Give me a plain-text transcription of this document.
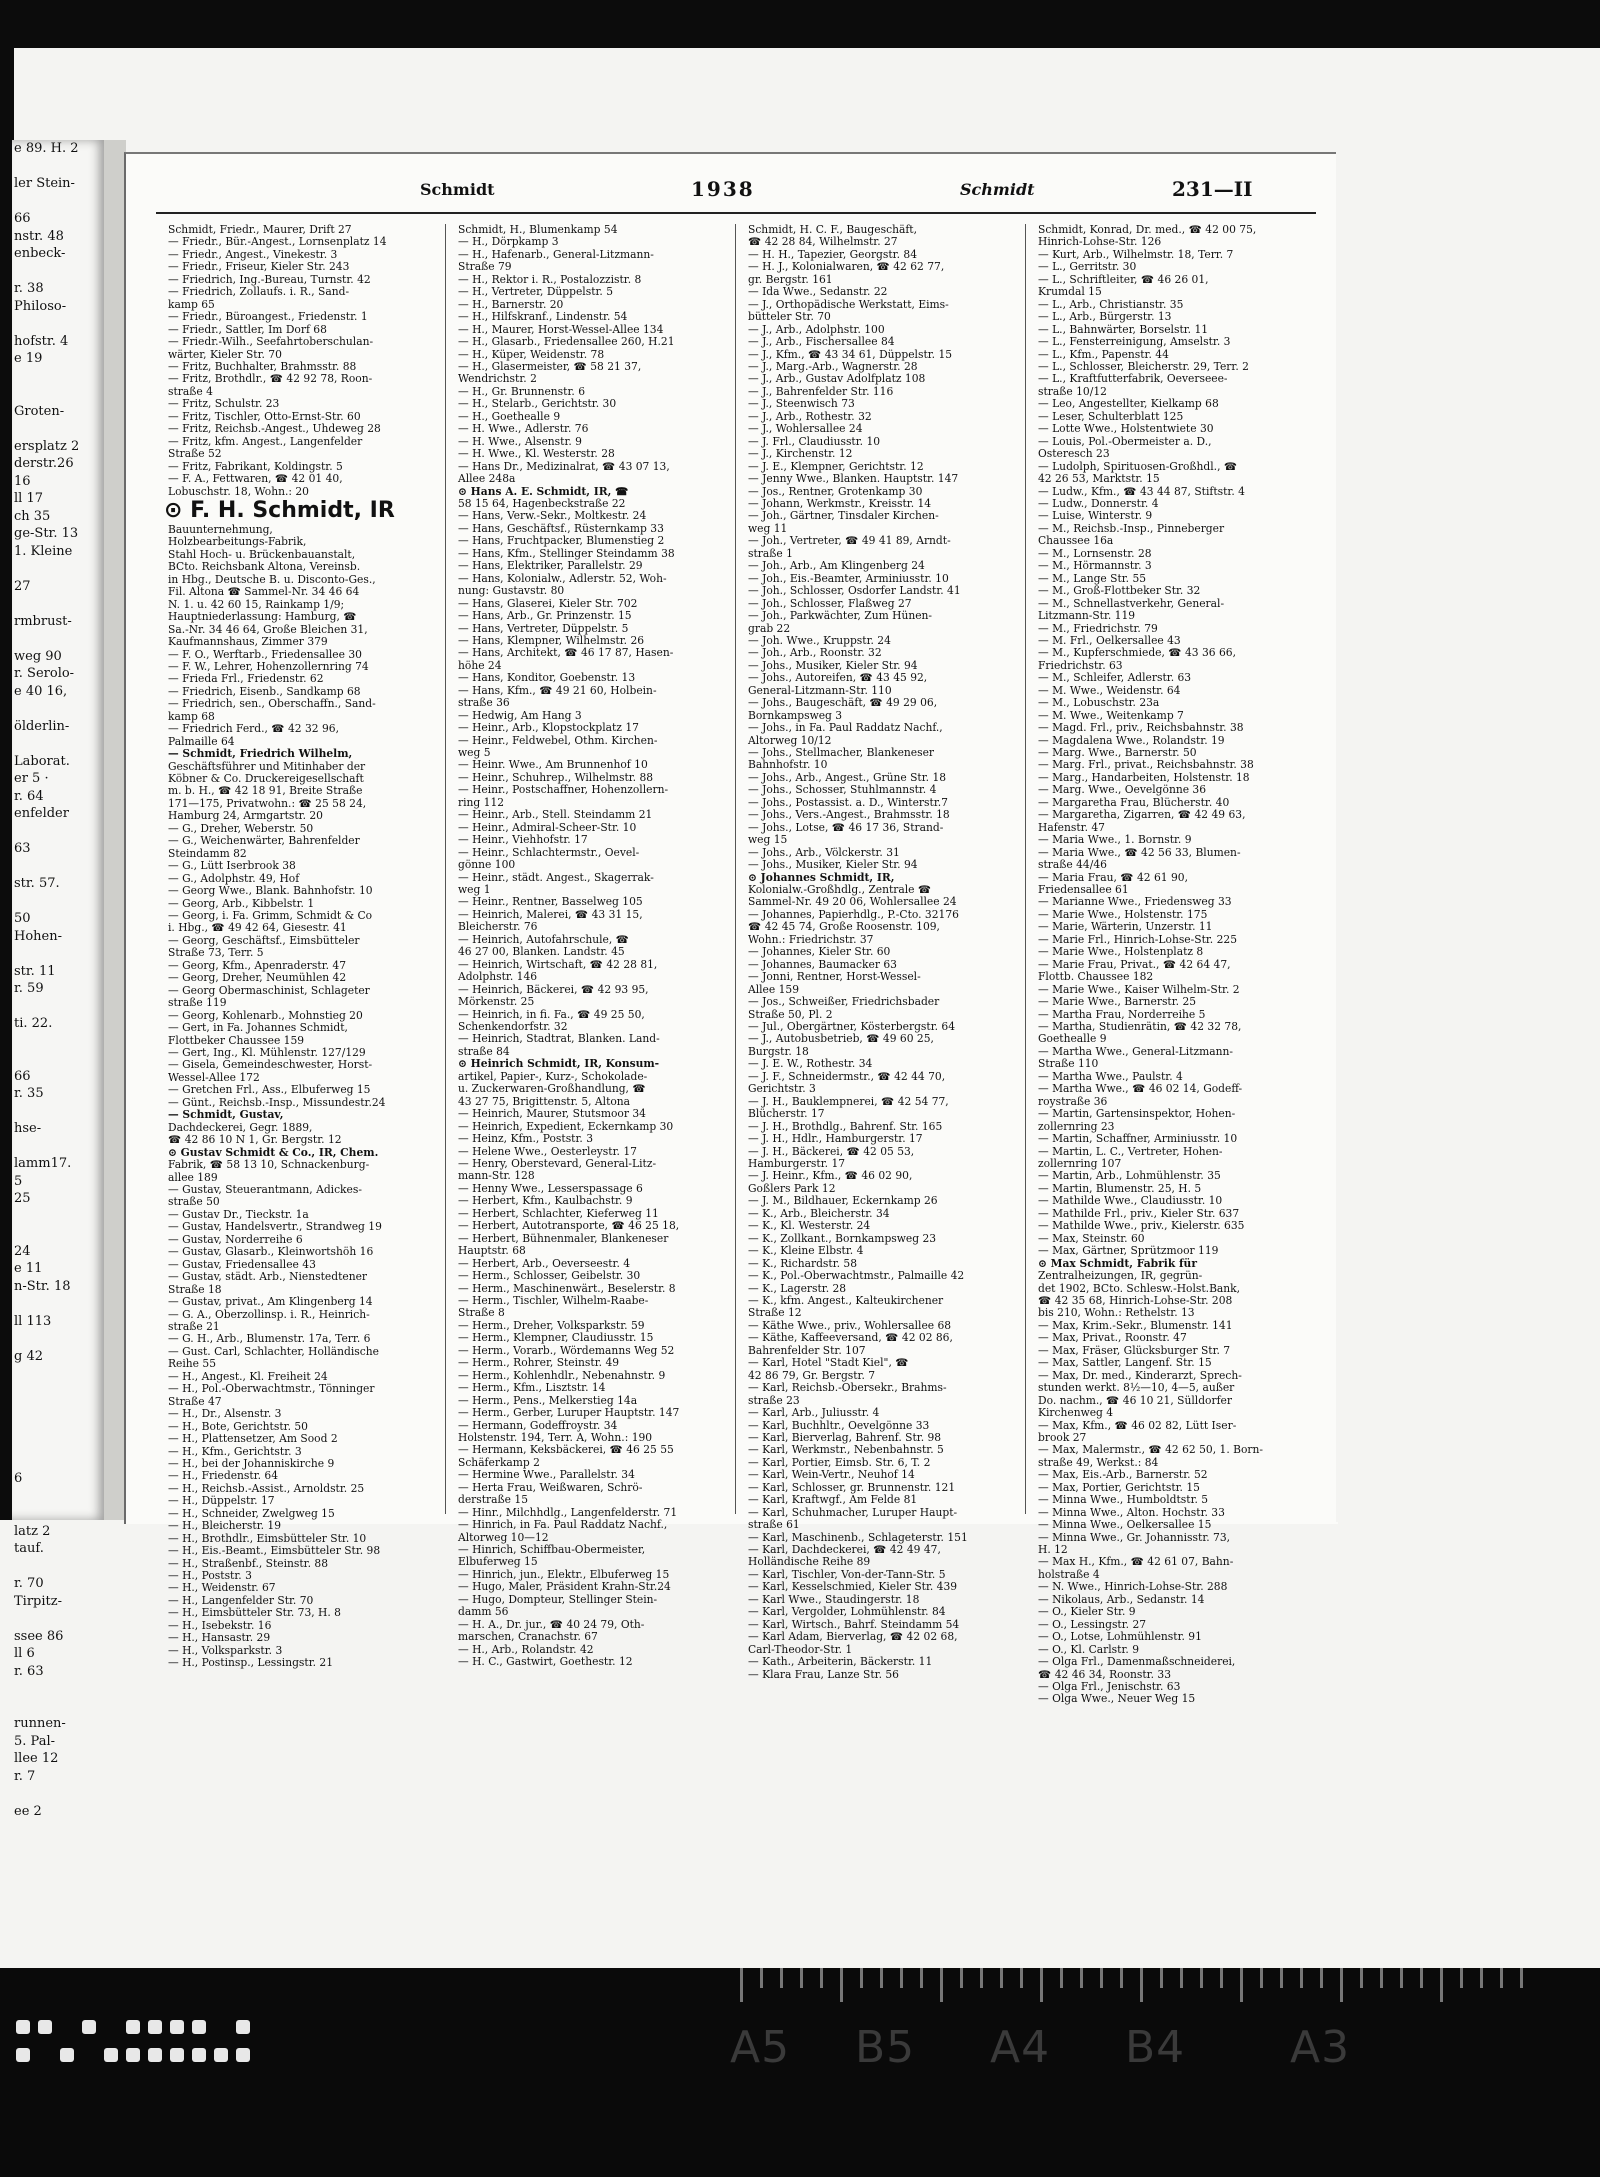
e 89. H. 2

ler Stein-

66
nstr. 48
enbeck-

r. 38
Philoso-

hofstr. 4
e 19

Groten-

ersplatz 2
derstr.26
16
ll 17
ch 35
ge-Str. 13
1. Kleine

27

rmbrust-

weg 90
r. Serolo-
e 40 16,

ölderlin-

Laborat.
er 5 ·
r. 64
enfelder

63

str. 57.

50
Hohen-

str. 11
r. 59

ti. 22.

66
r. 35

hse-

lamm17.
5
25

24
e 11
n-Str. 18

ll 113

g 42

6

latz 2
tauf.

r. 70
Tirpitz-

ssee 86
ll 6
r. 63

runnen-
5. Pal-
llee 12
r. 7

ee 2

Schmidt	1938	Schmidt	231—II
Schmidt, Friedr., Maurer, Drift 27
— Friedr., Bür.-Angest., Lornsenplatz 14
— Friedr., Angest., Vinekestr. 3
— Friedr., Friseur, Kieler Str. 243
— Friedrich, Ing.-Bureau, Turnstr. 42
— Friedrich, Zollaufs. i. R., Sand-
kamp 65
— Friedr., Büroangest., Friedenstr. 1
— Friedr., Sattler, Im Dorf 68
— Friedr.-Wilh., Seefahrtoberschulan-
wärter, Kieler Str. 70
— Fritz, Buchhalter, Brahmsstr. 88
— Fritz, Brothdlr., ☎ 42 92 78, Roon-
straße 4
— Fritz, Schulstr. 23
— Fritz, Tischler, Otto-Ernst-Str. 60
— Fritz, Reichsb.-Angest., Uhdeweg 28
— Fritz, kfm. Angest., Langenfelder
Straße 52
— Fritz, Fabrikant, Koldingstr. 5
— F. A., Fettwaren, ☎ 42 01 40,
Lobuschstr. 18, Wohn.: 20
⊙ F. H. Schmidt, IR
Bauunternehmung,
Holzbearbeitungs-Fabrik,
Stahl Hoch- u. Brückenbauanstalt,
BCto. Reichsbank Altona, Vereinsb.
in Hbg., Deutsche B. u. Disconto-Ges.,
Fil. Altona ☎ Sammel-Nr. 34 46 64
N. 1. u. 42 60 15, Rainkamp 1/9;
Hauptniederlassung: Hamburg, ☎
Sa.-Nr. 34 46 64, Große Bleichen 31,
Kaufmannshaus, Zimmer 379
— F. O., Werftarb., Friedensallee 30
— F. W., Lehrer, Hohenzollernring 74
— Frieda Frl., Friedenstr. 62
— Friedrich, Eisenb., Sandkamp 68
— Friedrich, sen., Oberschaffn., Sand-
kamp 68
— Friedrich Ferd., ☎ 42 32 96,
Palmaille 64
— Schmidt, Friedrich Wilhelm,
Geschäftsführer und Mitinhaber der
Köbner & Co. Druckereigesellschaft
m. b. H., ☎ 42 18 91, Breite Straße
171—175, Privatwohn.: ☎ 25 58 24,
Hamburg 24, Armgartstr. 20
— G., Dreher, Weberstr. 50
— G., Weichenwärter, Bahrenfelder
Steindamm 82
— G., Lütt Iserbrook 38
— G., Adolphstr. 49, Hof
— Georg Wwe., Blank. Bahnhofstr. 10
— Georg, Arb., Kibbelstr. 1
— Georg, i. Fa. Grimm, Schmidt & Co
i. Hbg., ☎ 49 42 64, Giesestr. 41
— Georg, Geschäftsf., Eimsbütteler
Straße 73, Terr. 5
— Georg, Kfm., Apenraderstr. 47
— Georg, Dreher, Neumühlen 42
— Georg Obermaschinist, Schlageter
straße 119
— Georg, Kohlenarb., Mohnstieg 20
— Gert, in Fa. Johannes Schmidt,
Flottbeker Chaussee 159
— Gert, Ing., Kl. Mühlenstr. 127/129
— Gisela, Gemeindeschwester, Horst-
Wessel-Allee 172
— Gretchen Frl., Ass., Elbuferweg 15
— Günt., Reichsb.-Insp., Missundestr.24
— Schmidt, Gustav,
Dachdeckerei, Gegr. 1889,
☎ 42 86 10 N 1, Gr. Bergstr. 12
⊙ Gustav Schmidt & Co., IR, Chem.
Fabrik, ☎ 58 13 10, Schnackenburg-
allee 189
— Gustav, Steuerantmann, Adickes-
straße 50
— Gustav Dr., Tieckstr. 1a
— Gustav, Handelsvertr., Strandweg 19
— Gustav, Norderreihe 6
— Gustav, Glasarb., Kleinwortshöh 16
— Gustav, Friedensallee 43
— Gustav, städt. Arb., Nienstedtener
Straße 18
— Gustav, privat., Am Klingenberg 14
— G. A., Oberzollinsp. i. R., Heinrich-
straße 21
— G. H., Arb., Blumenstr. 17a, Terr. 6
— Gust. Carl, Schlachter, Holländische
Reihe 55
— H., Angest., Kl. Freiheit 24
— H., Pol.-Oberwachtmstr., Tönninger
Straße 47
— H., Dr., Alsenstr. 3
— H., Bote, Gerichtstr. 50
— H., Plattensetzer, Am Sood 2
— H., Kfm., Gerichtstr. 3
— H., bei der Johanniskirche 9
— H., Friedenstr. 64
— H., Reichsb.-Assist., Arnoldstr. 25
— H., Düppelstr. 17
— H., Schneider, Zwelgweg 15
— H., Bleicherstr. 19
— H., Brothdlr., Eimsbütteler Str. 10
— H., Eis.-Beamt., Eimsbütteler Str. 98
— H., Straßenbf., Steinstr. 88
— H., Poststr. 3
— H., Weidenstr. 67
— H., Langenfelder Str. 70
— H., Eimsbütteler Str. 73, H. 8
— H., Isebekstr. 16
— H., Hansastr. 29
— H., Volksparkstr. 3
— H., Postinsp., Lessingstr. 21
Schmidt, H., Blumenkamp 54
— H., Dörpkamp 3
— H., Hafenarb., General-Litzmann-
Straße 79
— H., Rektor i. R., Postalozzistr. 8
— H., Vertreter, Düppelstr. 5
— H., Barnerstr. 20
— H., Hilfskranf., Lindenstr. 54
— H., Maurer, Horst-Wessel-Allee 134
— H., Glasarb., Friedensallee 260, H.21
— H., Küper, Weidenstr. 78
— H., Glasermeister, ☎ 58 21 37,
Wendrichstr. 2
— H., Gr. Brunnenstr. 6
— H., Stelarb., Gerichtstr. 30
— H., Goethealle 9
— H. Wwe., Adlerstr. 76
— H. Wwe., Alsenstr. 9
— H. Wwe., Kl. Westerstr. 28
— Hans Dr., Medizinalrat, ☎ 43 07 13,
Allee 248a
⊙ Hans A. E. Schmidt, IR, ☎
58 15 64, Hagenbeckstraße 22
— Hans, Verw.-Sekr., Moltkestr. 24
— Hans, Geschäftsf., Rüsternkamp 33
— Hans, Fruchtpacker, Blumenstieg 2
— Hans, Kfm., Stellinger Steindamm 38
— Hans, Elektriker, Parallelstr. 29
— Hans, Kolonialw., Adlerstr. 52, Woh-
nung: Gustavstr. 80
— Hans, Glaserei, Kieler Str. 702
— Hans, Arb., Gr. Prinzenstr. 15
— Hans, Vertreter, Düppelstr. 5
— Hans, Klempner, Wilhelmstr. 26
— Hans, Architekt, ☎ 46 17 87, Hasen-
höhe 24
— Hans, Konditor, Goebenstr. 13
— Hans, Kfm., ☎ 49 21 60, Holbein-
straße 36
— Hedwig, Am Hang 3
— Heinr., Arb., Klopstockplatz 17
— Heinr., Feldwebel, Othm. Kirchen-
weg 5
— Heinr. Wwe., Am Brunnenhof 10
— Heinr., Schuhrep., Wilhelmstr. 88
— Heinr., Postschaffner, Hohenzollern-
ring 112
— Heinr., Arb., Stell. Steindamm 21
— Heinr., Admiral-Scheer-Str. 10
— Heinr., Viehhofstr. 17
— Heinr., Schlachtermstr., Oevel-
gönne 100
— Heinr., städt. Angest., Skagerrak-
weg 1
— Heinr., Rentner, Basselweg 105
— Heinrich, Malerei, ☎ 43 31 15,
Bleicherstr. 76
— Heinrich, Autofahrschule, ☎
46 27 00, Blanken. Landstr. 45
— Heinrich, Wirtschaft, ☎ 42 28 81,
Adolphstr. 146
— Heinrich, Bäckerei, ☎ 42 93 95,
Mörkenstr. 25
— Heinrich, in fi. Fa., ☎ 49 25 50,
Schenkendorfstr. 32
— Heinrich, Stadtrat, Blanken. Land-
straße 84
⊙ Heinrich Schmidt, IR, Konsum-
artikel, Papier-, Kurz-, Schokolade-
u. Zuckerwaren-Großhandlung, ☎
43 27 75, Brigittenstr. 5, Altona
— Heinrich, Maurer, Stutsmoor 34
— Heinrich, Expedient, Eckernkamp 30
— Heinz, Kfm., Poststr. 3
— Helene Wwe., Oesterleystr. 17
— Henry, Oberstevard, General-Litz-
mann-Str. 128
— Henny Wwe., Lesserspassage 6
— Herbert, Kfm., Kaulbachstr. 9
— Herbert, Schlachter, Kieferweg 11
— Herbert, Autotransporte, ☎ 46 25 18,
— Herbert, Bühnenmaler, Blankeneser
Hauptstr. 68
— Herbert, Arb., Oeverseestr. 4
— Herm., Schlosser, Geibelstr. 30
— Herm., Maschinenwärt., Beselerstr. 8
— Herm., Tischler, Wilhelm-Raabe-
Straße 8
— Herm., Dreher, Volksparkstr. 59
— Herm., Klempner, Claudiusstr. 15
— Herm., Vorarb., Wördemanns Weg 52
— Herm., Rohrer, Steinstr. 49
— Herm., Kohlenhdlr., Nebenahnstr. 9
— Herm., Kfm., Lisztstr. 14
— Herm., Pens., Melkerstieg 14a
— Herm., Gerber, Luruper Hauptstr. 147
— Hermann, Godeffroystr. 34
Holstenstr. 194, Terr. A, Wohn.: 190
— Hermann, Keksbäckerei, ☎ 46 25 55
Schäferkamp 2
— Hermine Wwe., Parallelstr. 34
— Herta Frau, Weißwaren, Schrö-
derstraße 15
— Hinr., Milchhdlg., Langenfelderstr. 71
— Hinrich, in Fa. Paul Raddatz Nachf.,
Altorweg 10—12
— Hinrich, Schiffbau-Obermeister,
Elbuferweg 15
— Hinrich, jun., Elektr., Elbuferweg 15
— Hugo, Maler, Präsident Krahn-Str.24
— Hugo, Dompteur, Stellinger Stein-
damm 56
— H. A., Dr. jur., ☎ 40 24 79, Oth-
marschen, Cranachstr. 67
— H., Arb., Rolandstr. 42
— H. C., Gastwirt, Goethestr. 12
Schmidt, H. C. F., Baugeschäft,
☎ 42 28 84, Wilhelmstr. 27
— H. H., Tapezier, Georgstr. 84
— H. J., Kolonialwaren, ☎ 42 62 77,
gr. Bergstr. 161
— Ida Wwe., Sedanstr. 22
— J., Orthopädische Werkstatt, Eims-
bütteler Str. 70
— J., Arb., Adolphstr. 100
— J., Arb., Fischersallee 84
— J., Kfm., ☎ 43 34 61, Düppelstr. 15
— J., Marg.-Arb., Wagnerstr. 28
— J., Arb., Gustav Adolfplatz 108
— J., Bahrenfelder Str. 116
— J., Steenwisch 73
— J., Arb., Rothestr. 32
— J., Wohlersallee 24
— J. Frl., Claudiusstr. 10
— J., Kirchenstr. 12
— J. E., Klempner, Gerichtstr. 12
— Jenny Wwe., Blanken. Hauptstr. 147
— Jos., Rentner, Grotenkamp 30
— Johann, Werkmstr., Kreisstr. 14
— Joh., Gärtner, Tinsdaler Kirchen-
weg 11
— Joh., Vertreter, ☎ 49 41 89, Arndt-
straße 1
— Joh., Arb., Am Klingenberg 24
— Joh., Eis.-Beamter, Arminiusstr. 10
— Joh., Schlosser, Osdorfer Landstr. 41
— Joh., Schlosser, Flaßweg 27
— Joh., Parkwächter, Zum Hünen-
grab 22
— Joh. Wwe., Kruppstr. 24
— Joh., Arb., Roonstr. 32
— Johs., Musiker, Kieler Str. 94
— Johs., Autoreifen, ☎ 43 45 92,
General-Litzmann-Str. 110
— Johs., Baugeschäft, ☎ 49 29 06,
Bornkampsweg 3
— Johs., in Fa. Paul Raddatz Nachf.,
Altorweg 10/12
— Johs., Stellmacher, Blankeneser
Bahnhofstr. 10
— Johs., Arb., Angest., Grüne Str. 18
— Johs., Schosser, Stuhlmannstr. 4
— Johs., Postassist. a. D., Winterstr.7
— Johs., Vers.-Angest., Brahmsstr. 18
— Johs., Lotse, ☎ 46 17 36, Strand-
weg 15
— Johs., Arb., Völckerstr. 31
— Johs., Musiker, Kieler Str. 94
⊙ Johannes Schmidt, IR,
Kolonialw.-Großhdlg., Zentrale ☎
Sammel-Nr. 49 20 06, Wohlersallee 24
— Johannes, Papierhdlg., P.-Cto. 32176
☎ 42 45 74, Große Roosenstr. 109,
Wohn.: Friedrichstr. 37
— Johannes, Kieler Str. 60
— Johannes, Baumacker 63
— Jonni, Rentner, Horst-Wessel-
Allee 159
— Jos., Schweißer, Friedrichsbader
Straße 50, Pl. 2
— Jul., Obergärtner, Kösterbergstr. 64
— J., Autobusbetrieb, ☎ 49 60 25,
Burgstr. 18
— J. E. W., Rothestr. 34
— J. F., Schneidermstr., ☎ 42 44 70,
Gerichtstr. 3
— J. H., Bauklempnerei, ☎ 42 54 77,
Blücherstr. 17
— J. H., Brothdlg., Bahrenf. Str. 165
— J. H., Hdlr., Hamburgerstr. 17
— J. H., Bäckerei, ☎ 42 05 53,
Hamburgerstr. 17
— J. Heinr., Kfm., ☎ 46 02 90,
Goßlers Park 12
— J. M., Bildhauer, Eckernkamp 26
— K., Arb., Bleicherstr. 34
— K., Kl. Westerstr. 24
— K., Zollkant., Bornkampsweg 23
— K., Kleine Elbstr. 4
— K., Richardstr. 58
— K., Pol.-Oberwachtmstr., Palmaille 42
— K., Lagerstr. 28
— K., kfm. Angest., Kalteukirchener
Straße 12
— Käthe Wwe., priv., Wohlersallee 68
— Käthe, Kaffeeversand, ☎ 42 02 86,
Bahrenfelder Str. 107
— Karl, Hotel "Stadt Kiel", ☎
42 86 79, Gr. Bergstr. 7
— Karl, Reichsb.-Obersekr., Brahms-
straße 23
— Karl, Arb., Juliusstr. 4
— Karl, Buchhltr., Oevelgönne 33
— Karl, Bierverlag, Bahrenf. Str. 98
— Karl, Werkmstr., Nebenbahnstr. 5
— Karl, Portier, Eimsb. Str. 6, T. 2
— Karl, Wein-Vertr., Neuhof 14
— Karl, Schlosser, gr. Brunnenstr. 121
— Karl, Kraftwgf., Am Felde 81
— Karl, Schuhmacher, Luruper Haupt-
straße 61
— Karl, Maschinenb., Schlageterstr. 151
— Karl, Dachdeckerei, ☎ 42 49 47,
Holländische Reihe 89
— Karl, Tischler, Von-der-Tann-Str. 5
— Karl, Kesselschmied, Kieler Str. 439
— Karl Wwe., Staudingerstr. 18
— Karl, Vergolder, Lohmühlenstr. 84
— Karl, Wirtsch., Bahrf. Steindamm 54
— Karl Adam, Bierverlag, ☎ 42 02 68,
Carl-Theodor-Str. 1
— Kath., Arbeiterin, Bäckerstr. 11
— Klara Frau, Lanze Str. 56
Schmidt, Konrad, Dr. med., ☎ 42 00 75,
Hinrich-Lohse-Str. 126
— Kurt, Arb., Wilhelmstr. 18, Terr. 7
— L., Gerritstr. 30
— L., Schriftleiter, ☎ 46 26 01,
Krumdal 15
— L., Arb., Christianstr. 35
— L., Arb., Bürgerstr. 13
— L., Bahnwärter, Borselstr. 11
— L., Fensterreinigung, Amselstr. 3
— L., Kfm., Papenstr. 44
— L., Schlosser, Bleicherstr. 29, Terr. 2
— L., Kraftfutterfabrik, Oeverseee-
straße 10/12
— Leo, Angestellter, Kielkamp 68
— Leser, Schulterblatt 125
— Lotte Wwe., Holstentwiete 30
— Louis, Pol.-Obermeister a. D.,
Osteresch 23
— Ludolph, Spirituosen-Großhdl., ☎
42 26 53, Marktstr. 15
— Ludw., Kfm., ☎ 43 44 87, Stiftstr. 4
— Ludw., Donnerstr. 4
— Luise, Winterstr. 9
— M., Reichsb.-Insp., Pinneberger
Chaussee 16a
— M., Lornsenstr. 28
— M., Hörmannstr. 3
— M., Lange Str. 55
— M., Groß-Flottbeker Str. 32
— M., Schnellastverkehr, General-
Litzmann-Str. 119
— M., Friedrichstr. 79
— M. Frl., Oelkersallee 43
— M., Kupferschmiede, ☎ 43 36 66,
Friedrichstr. 63
— M., Schleifer, Adlerstr. 63
— M. Wwe., Weidenstr. 64
— M., Lobuschstr. 23a
— M. Wwe., Weitenkamp 7
— Magd. Frl., priv., Reichsbahnstr. 38
— Magdalena Wwe., Rolandstr. 19
— Marg. Wwe., Barnerstr. 50
— Marg. Frl., privat., Reichsbahnstr. 38
— Marg., Handarbeiten, Holstenstr. 18
— Marg. Wwe., Oevelgönne 36
— Margaretha Frau, Blücherstr. 40
— Margaretha, Zigarren, ☎ 42 49 63,
Hafenstr. 47
— Maria Wwe., 1. Bornstr. 9
— Maria Wwe., ☎ 42 56 33, Blumen-
straße 44/46
— Maria Frau, ☎ 42 61 90,
Friedensallee 61
— Marianne Wwe., Friedensweg 33
— Marie Wwe., Holstenstr. 175
— Marie, Wärterin, Unzerstr. 11
— Marie Frl., Hinrich-Lohse-Str. 225
— Marie Wwe., Holstenplatz 8
— Marie Frau, Privat., ☎ 42 64 47,
Flottb. Chaussee 182
— Marie Wwe., Kaiser Wilhelm-Str. 2
— Marie Wwe., Barnerstr. 25
— Martha Frau, Norderreihe 5
— Martha, Studienrätin, ☎ 42 32 78,
Goethealle 9
— Martha Wwe., General-Litzmann-
Straße 110
— Martha Wwe., Paulstr. 4
— Martha Wwe., ☎ 46 02 14, Godeff-
roystraße 36
— Martin, Gartensinspektor, Hohen-
zollernring 23
— Martin, Schaffner, Arminiusstr. 10
— Martin, L. C., Vertreter, Hohen-
zollernring 107
— Martin, Arb., Lohmühlenstr. 35
— Martin, Blumenstr. 25, H. 5
— Mathilde Wwe., Claudiusstr. 10
— Mathilde Frl., priv., Kieler Str. 637
— Mathilde Wwe., priv., Kielerstr. 635
— Max, Steinstr. 60
— Max, Gärtner, Sprützmoor 119
⊙ Max Schmidt, Fabrik für
Zentralheizungen, IR, gegrün-
det 1902, BCto. Schlesw.-Holst.Bank,
☎ 42 35 68, Hinrich-Lohse-Str. 208
bis 210, Wohn.: Rethelstr. 13
— Max, Krim.-Sekr., Blumenstr. 141
— Max, Privat., Roonstr. 47
— Max, Fräser, Glücksburger Str. 7
— Max, Sattler, Langenf. Str. 15
— Max, Dr. med., Kinderarzt, Sprech-
stunden werkt. 8½—10, 4—5, außer
Do. nachm., ☎ 46 10 21, Sülldorfer
Kirchenweg 4
— Max, Kfm., ☎ 46 02 82, Lütt Iser-
brook 27
— Max, Malermstr., ☎ 42 62 50, 1. Born-
straße 49, Werkst.: 84
— Max, Eis.-Arb., Barnerstr. 52
— Max, Portier, Gerichtstr. 15
— Minna Wwe., Humboldtstr. 5
— Minna Wwe., Alton. Hochstr. 33
— Minna Wwe., Oelkersallee 15
— Minna Wwe., Gr. Johannisstr. 73,
H. 12
— Max H., Kfm., ☎ 42 61 07, Bahn-
holstraße 4
— N. Wwe., Hinrich-Lohse-Str. 288
— Nikolaus, Arb., Sedanstr. 14
— O., Kieler Str. 9
— O., Lessingstr. 27
— O., Lotse, Lohmühlenstr. 91
— O., Kl. Carlstr. 9
— Olga Frl., Damenmaßschneiderei,
☎ 42 46 34, Roonstr. 33
— Olga Frl., Jenischstr. 63
— Olga Wwe., Neuer Weg 15
A5 B5 A4 B4 A3
